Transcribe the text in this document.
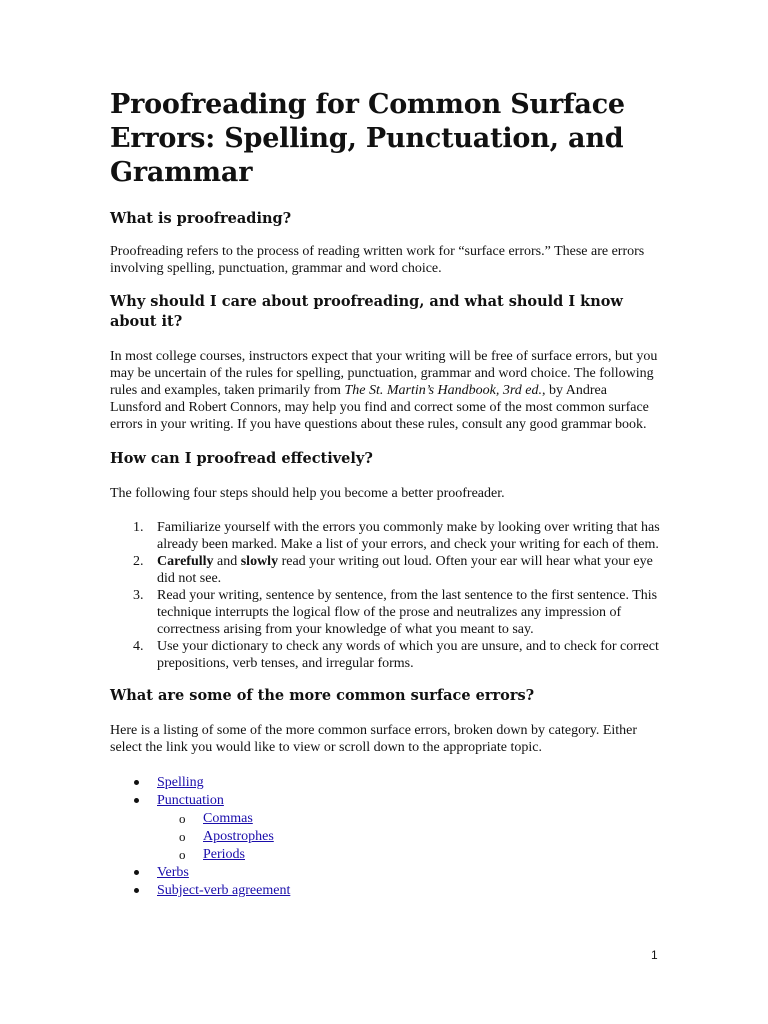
Proofreading for Common Surface Errors: Spelling, Punctuation, and Grammar
What is proofreading?

Proofreading refers to the process of reading written work for “surface errors.” These are errors involving spelling, punctuation, grammar and word choice.

Why should I care about proofreading, and what should I know about it?

In most college courses, instructors expect that your writing will be free of surface errors, but you may be uncertain of the rules for spelling, punctuation, grammar and word choice. The following rules and examples, taken primarily from The St. Martin’s Handbook, 3rd ed., by Andrea Lunsford and Robert Connors, may help you find and correct some of the most common surface errors in your writing. If you have questions about these rules, consult any good grammar book.

How can I proofread effectively?

The following four steps should help you become a better proofreader.

1. Familiarize yourself with the errors you commonly make by looking over writing that has already been marked. Make a list of your errors, and check your writing for each of them.
2. Carefully and slowly read your writing out loud. Often your ear will hear what your eye did not see.
3. Read your writing, sentence by sentence, from the last sentence to the first sentence. This technique interrupts the logical flow of the prose and neutralizes any impression of correctness arising from your knowledge of what you meant to say.
4. Use your dictionary to check any words of which you are unsure, and to check for correct prepositions, verb tenses, and irregular forms.
What are some of the more common surface errors?

Here is a listing of some of the more common surface errors, broken down by category. Either select the link you would like to view or scroll down to the appropriate topic.

Spelling
Punctuation
o Commas
o Apostrophes
o Periods
Verbs
Subject-verb agreement
1
